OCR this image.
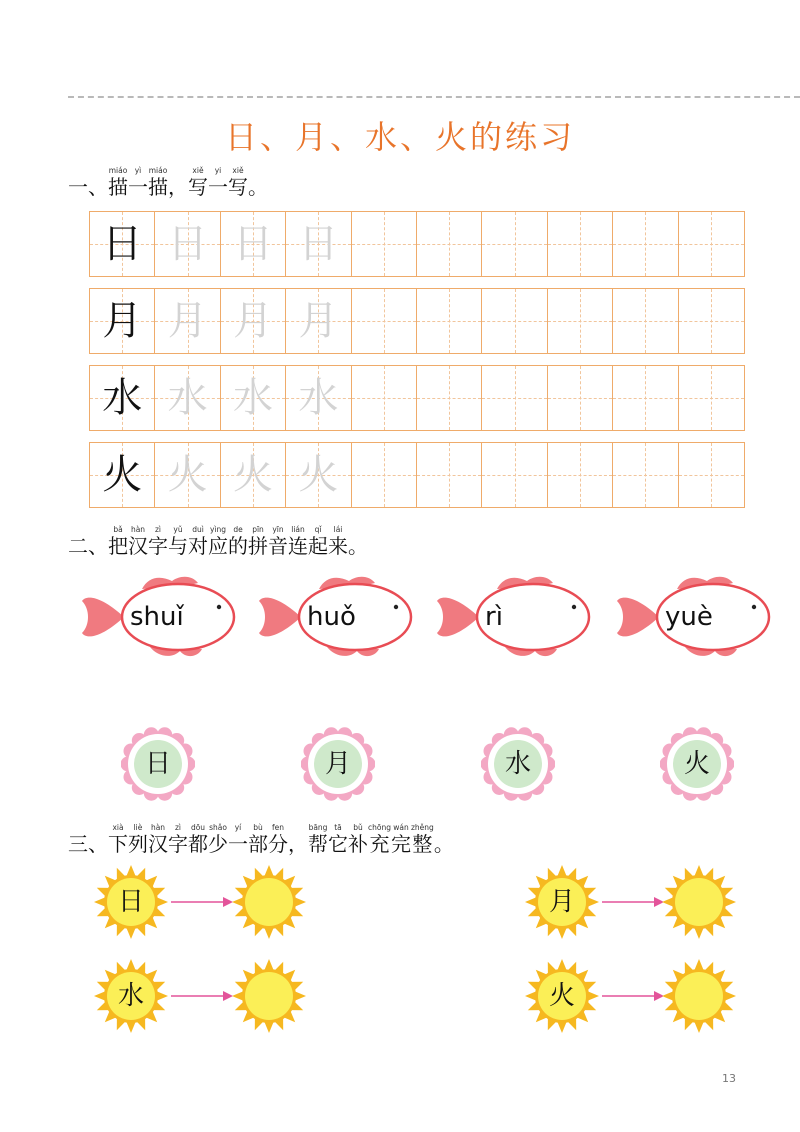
日、月、水、火的练习
一、
miáo
描
yì
一
miáo
描 ，
xiě
写
yi
一
xiě
写 。
日 日 日 日
月 月 月 月
水 水 水 水
火 火 火 火
二、
bǎ
把
hàn
汉
zì
字
yǔ
与
duì
对
yìng
应
de
的
pīn
拼
yīn
音
lián
连
qǐ
起
lái
来 。
shuǐ	huǒ	rì	yuè
日	月	水	火
三、
xià
下
liè
列
hàn
汉
zì
字
dōu
都
shǎo
少
yí
一
bù
部
fen
分 ，
bāng
帮
tā
它
bǔ
补
chōng
充
wán
完
zhěng
整 。
日	月
水	火
13
